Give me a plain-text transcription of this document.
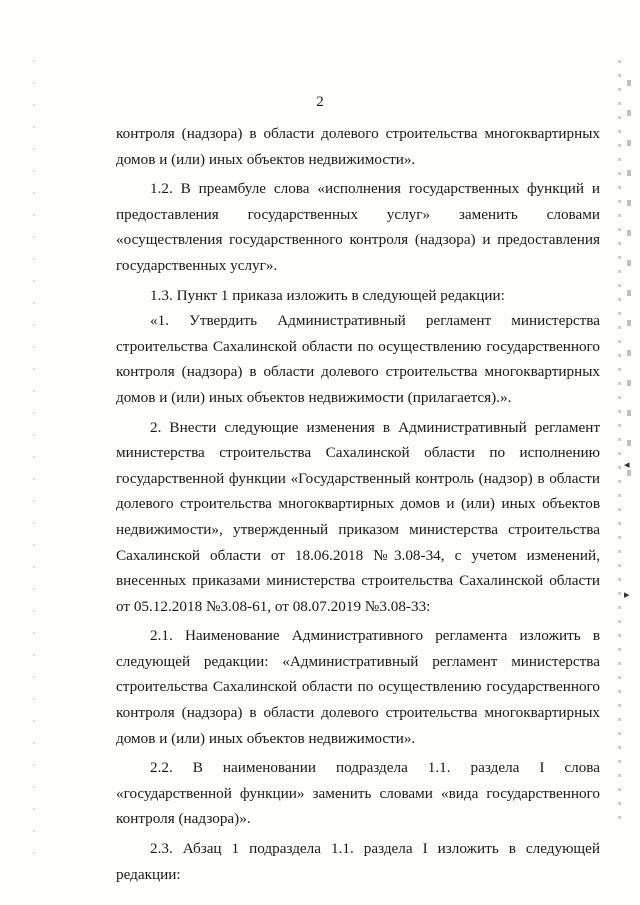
◂
▸
2

контроля (надзора) в области долевого строительства многоквартирных домов и (или) иных объектов недвижимости».

1.2. В преамбуле слова «исполнения государственных функций и предоставления государственных услуг» заменить словами «осуществления государственного контроля (надзора) и предоставления государственных услуг».

1.3. Пункт 1 приказа изложить в следующей редакции:

«1. Утвердить Административный регламент министерства строительства Сахалинской области по осуществлению государственного контроля (надзора) в области долевого строительства многоквартирных домов и (или) иных объектов недвижимости (прилагается).».

2. Внести следующие изменения в Административный регламент министерства строительства Сахалинской области по исполнению государственной функции «Государственный контроль (надзор) в области долевого строительства многоквартирных домов и (или) иных объектов недвижимости», утвержденный приказом министерства строительства Сахалинской области от 18.06.2018 №3.08-34, с учетом изменений, внесенных приказами министерства строительства Сахалинской области от 05.12.2018 №3.08-61, от 08.07.2019 №3.08-33:

2.1. Наименование Административного регламента изложить в следующей редакции: «Административный регламент министерства строительства Сахалинской области по осуществлению государственного контроля (надзора) в области долевого строительства многоквартирных домов и (или) иных объектов недвижимости».

2.2. В наименовании подраздела 1.1. раздела I слова «государственной функции» заменить словами «вида государственного контроля (надзора)».

2.3. Абзац 1 подраздела 1.1. раздела I изложить в следующей редакции:
